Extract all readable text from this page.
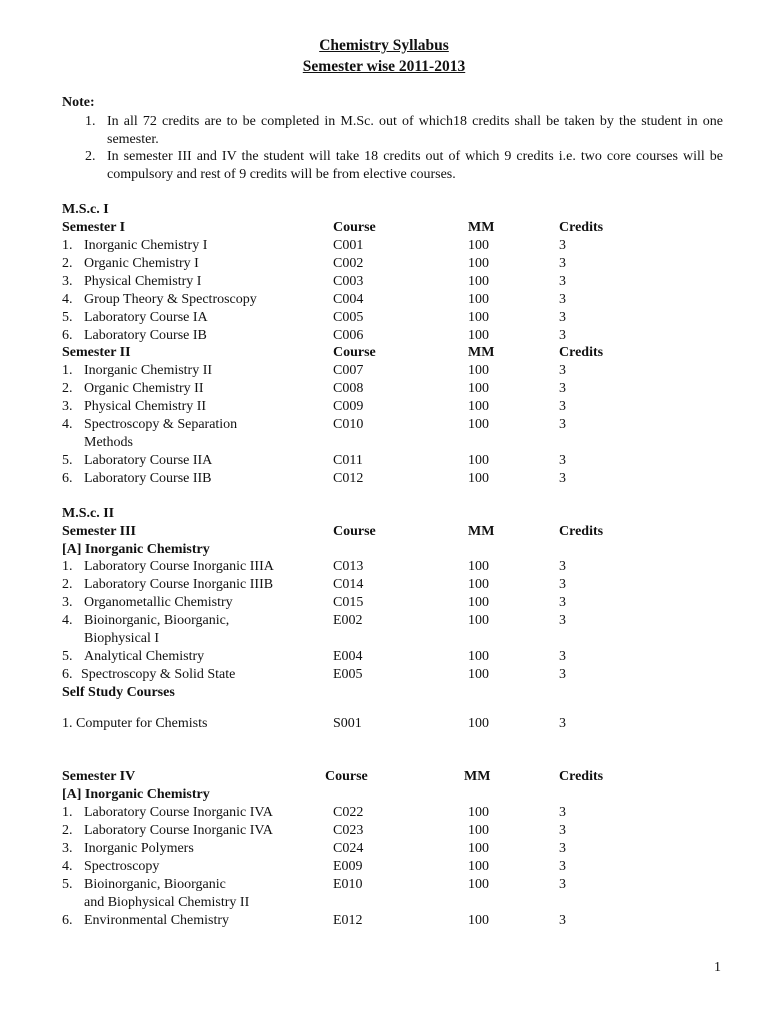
Chemistry Syllabus
Semester wise 2011-2013
Note:
1. In all 72 credits are to be completed in M.Sc. out of which18 credits shall be taken by the student in one semester.
2. In semester III and IV the student will take 18 credits out of which 9 credits i.e. two core courses will be compulsory and rest of 9 credits will be from elective courses.
M.S.c. I
Semester I	Course	MM	Credits
1. Inorganic Chemistry I	C001	100	3
2. Organic Chemistry I	C002	100	3
3. Physical Chemistry I	C003	100	3
4. Group Theory & Spectroscopy	C004	100	3
5. Laboratory Course IA	C005	100	3
6. Laboratory Course IB	C006	100	3
Semester II	Course	MM	Credits
1. Inorganic Chemistry II	C007	100	3
2. Organic Chemistry II	C008	100	3
3. Physical Chemistry II	C009	100	3
4. Spectroscopy & Separation	C010	100	3
Methods
5. Laboratory Course IIA	C011	100	3
6. Laboratory Course IIB	C012	100	3
M.S.c. II
Semester III	Course	MM	Credits
[A] Inorganic Chemistry
1. Laboratory Course Inorganic IIIA	C013	100	3
2. Laboratory Course Inorganic IIIB	C014	100	3
3. Organometallic Chemistry	C015	100	3
4. Bioinorganic, Bioorganic,	E002	100	3
Biophysical I
5. Analytical Chemistry	E004	100	3
6. Spectroscopy & Solid State	E005	100	3
Self Study Courses
1. Computer for Chemists	S001	100	3
Semester IV	Course	MM	Credits
[A] Inorganic Chemistry
1. Laboratory Course Inorganic IVA	C022	100	3
2. Laboratory Course Inorganic IVA	C023	100	3
3. Inorganic Polymers	C024	100	3
4. Spectroscopy	E009	100	3
5. Bioinorganic, Bioorganic	E010	100	3
and Biophysical Chemistry II
6. Environmental Chemistry	E012	100	3
1
